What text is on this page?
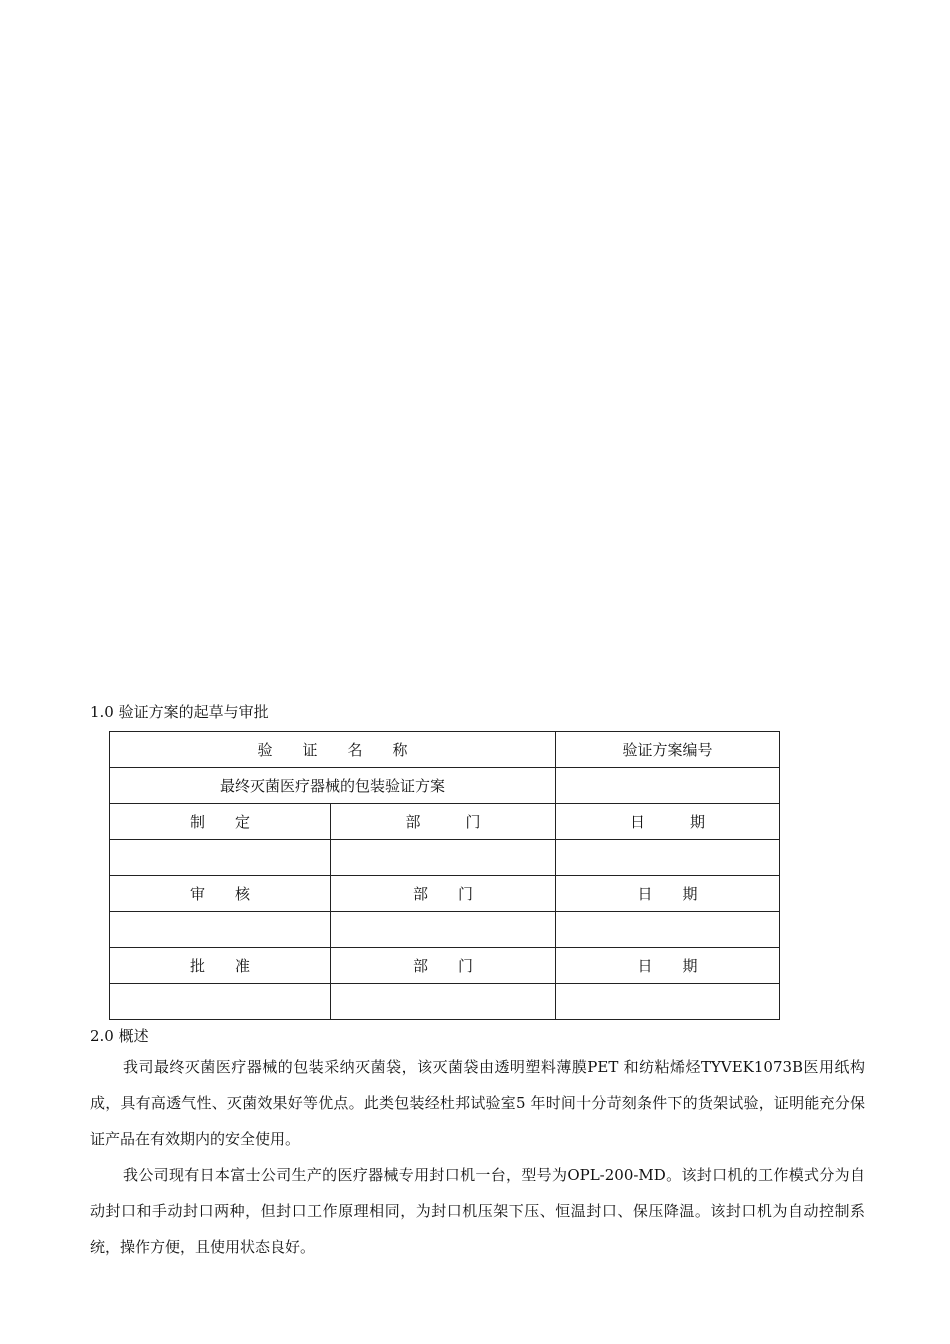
1.0 验证方案的起草与审批
验　　证　　名　　称		验证方案编号
最终灭菌医疗器械的包装验证方案		
制　　定	部　　　门	日　　　期

审　　核	部　　门	日　　期

批　　准	部　　门	日　　期

2.0 概述

我司最终灭菌医疗器械的包装采纳灭菌袋，该灭菌袋由透明塑料薄膜PET 和纺粘烯烃TYVEK1073B医用纸构成，具有高透气性、灭菌效果好等优点。此类包装经杜邦试验室5 年时间十分苛刻条件下的货架试验，证明能充分保证产品在有效期内的安全使用。

我公司现有日本富士公司生产的医疗器械专用封口机一台，型号为OPL-200-MD。该封口机的工作模式分为自动封口和手动封口两种，但封口工作原理相同，为封口机压架下压、恒温封口、保压降温。该封口机为自动控制系统，操作方便，且使用状态良好。
